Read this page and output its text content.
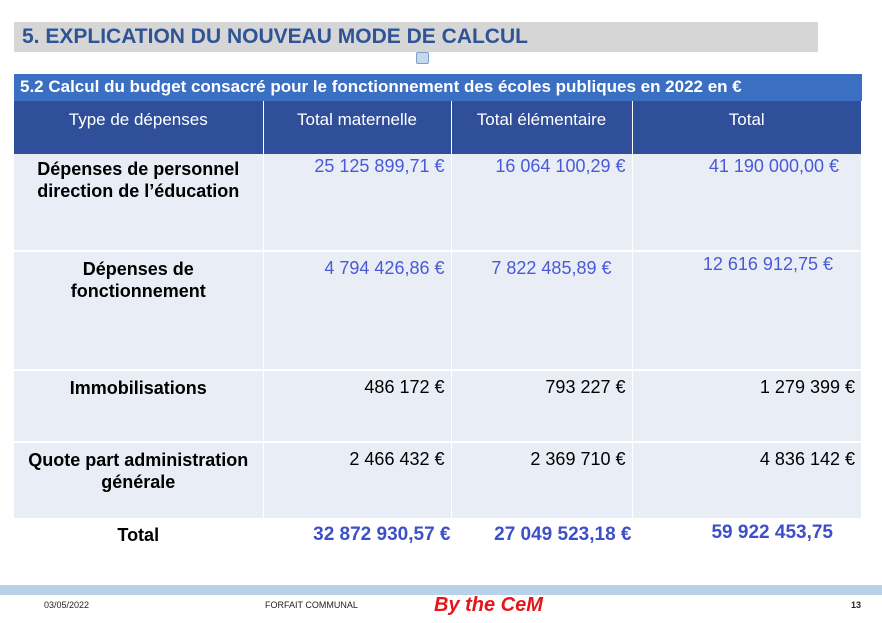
5. EXPLICATION DU NOUVEAU MODE DE CALCUL
5.2 Calcul du budget consacré pour le fonctionnement des écoles publiques en 2022 en €
Type de dépenses	Total maternelle	Total élémentaire	Total
Dépenses de personnel direction de l’éducation	25 125 899,71 €	16 064 100,29 €	41 190 000,00 €
Dépenses de fonctionnement	4 794 426,86 €	7 822 485,89 €	12 616 912,75 €
Immobilisations	486 172 €	793 227 €	1 279 399 €
Quote part administration générale	2 466 432 €	2 369 710 €	4 836 142 €
Total	32 872 930,57 €	27 049 523,18 €	59 922 453,75
03/05/2022	FORFAIT COMMUNAL	By the CeM	13
